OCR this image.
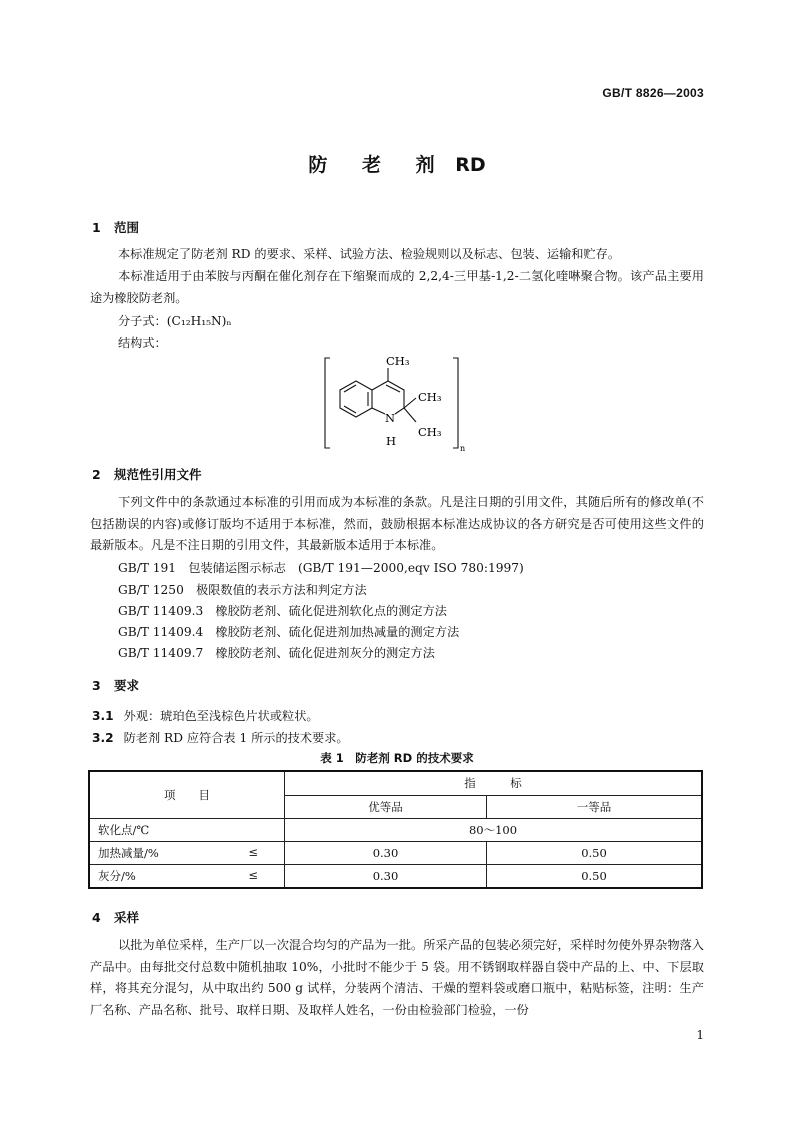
GB/T 8826—2003
防 老 剂 RD
1 范围
本标准规定了防老剂 RD 的要求、采样、试验方法、检验规则以及标志、包装、运输和贮存。
本标准适用于由苯胺与丙酮在催化剂存在下缩聚而成的 2,2,4-三甲基-1,2-二氢化喹啉聚合物。该产品主要用途为橡胶防老剂。
分子式：(C₁₂H₁₅N)ₙ
结构式：
CH₃
CH₃
CH₃
N
H
n
2 规范性引用文件
下列文件中的条款通过本标准的引用而成为本标准的条款。凡是注日期的引用文件，其随后所有的修改单(不包括勘误的内容)或修订版均不适用于本标准，然而，鼓励根据本标准达成协议的各方研究是否可使用这些文件的最新版本。凡是不注日期的引用文件，其最新版本适用于本标准。
GB/T 191　包装储运图示标志　(GB/T 191—2000,eqv ISO 780:1997)
GB/T 1250　极限数值的表示方法和判定方法
GB/T 11409.3　橡胶防老剂、硫化促进剂软化点的测定方法
GB/T 11409.4　橡胶防老剂、硫化促进剂加热减量的测定方法
GB/T 11409.7　橡胶防老剂、硫化促进剂灰分的测定方法
3 要求
3.1 外观：琥珀色至浅棕色片状或粒状。
3.2 防老剂 RD 应符合表 1 所示的技术要求。
表 1　防老剂 RD 的技术要求
项　　目	指　　　标	
	优等品	一等品
软化点/℃	80～100	
加热减量/% ≤	0.30	0.50
灰分/% ≤	0.30	0.50
4 采样
以批为单位采样，生产厂以一次混合均匀的产品为一批。所采产品的包装必须完好，采样时勿使外界杂物落入产品中。由每批交付总数中随机抽取 10%，小批时不能少于 5 袋。用不锈钢取样器自袋中产品的上、中、下层取样，将其充分混匀，从中取出约 500 g 试样，分装两个清洁、干燥的塑料袋或磨口瓶中，粘贴标签，注明：生产厂名称、产品名称、批号、取样日期、及取样人姓名，一份由检验部门检验，一份
1
